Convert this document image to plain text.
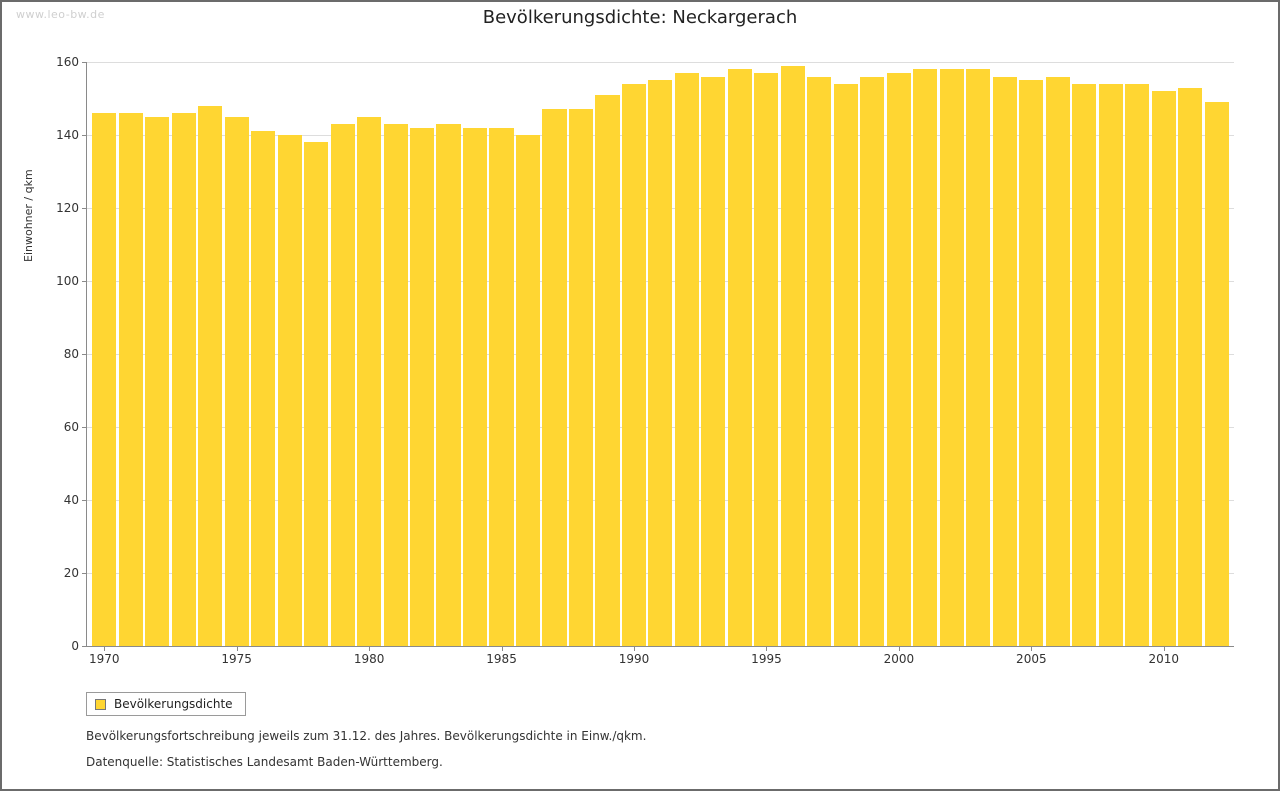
www.leo-bw.de	Bevölkerungsdichte: Neckargerach
Einwohner / qkm
0
20
40
60
80
100
120
140
160
1970	1975	1980	1985	1990	1995	2000	2005	2010
Bevölkerungsdichte
Bevölkerungsfortschreibung jeweils zum 31.12. des Jahres. Bevölkerungsdichte in Einw./qkm.
Datenquelle: Statistisches Landesamt Baden-Württemberg.
